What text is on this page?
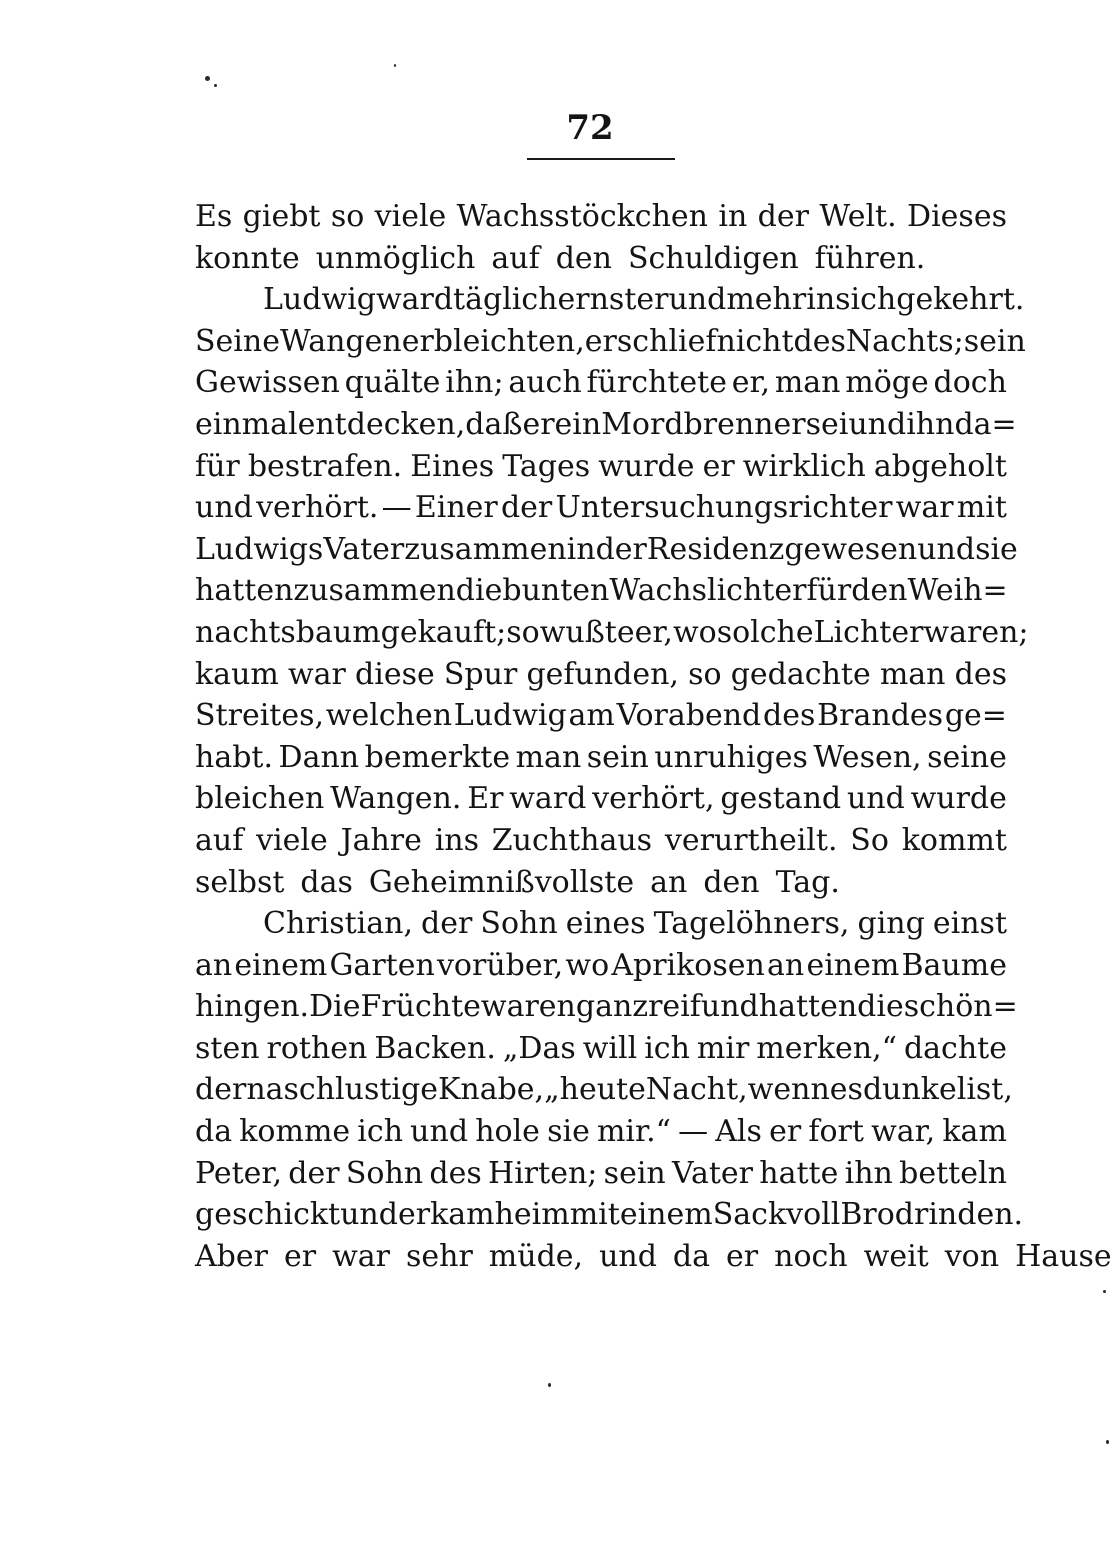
72
Es giebt so viele Wachsstöckchen in der Welt. Dieses
konnte unmöglich auf den Schuldigen führen.
Ludwig ward täglich ernster und mehr in sich gekehrt.
Seine Wangen erbleichten, er schlief nicht des Nachts; sein
Gewissen quälte ihn; auch fürchtete er, man möge doch
einmal entdecken, daß er ein Mordbrenner sei und ihn da=
für bestrafen. Eines Tages wurde er wirklich abgeholt
und verhört. — Einer der Untersuchungsrichter war mit
Ludwigs Vater zusammen in der Residenz gewesen und sie
hatten zusammen die bunten Wachslichter für den Weih=
nachtsbaum gekauft; so wußte er, wo solche Lichter waren;
kaum war diese Spur gefunden, so gedachte man des
Streites, welchen Ludwig am Vorabend des Brandes ge=
habt. Dann bemerkte man sein unruhiges Wesen, seine
bleichen Wangen. Er ward verhört, gestand und wurde
auf viele Jahre ins Zuchthaus verurtheilt. So kommt
selbst das Geheimnißvollste an den Tag.
Christian, der Sohn eines Tagelöhners, ging einst
an einem Garten vorüber, wo Aprikosen an einem Baume
hingen. Die Früchte waren ganz reif und hatten die schön=
sten rothen Backen. „Das will ich mir merken,“ dachte
der naschlustige Knabe, „heute Nacht, wenn es dunkel ist,
da komme ich und hole sie mir.“ — Als er fort war, kam
Peter, der Sohn des Hirten; sein Vater hatte ihn betteln
geschickt und er kam heim mit einem Sack voll Brodrinden.
Aber er war sehr müde, und da er noch weit von Hause
